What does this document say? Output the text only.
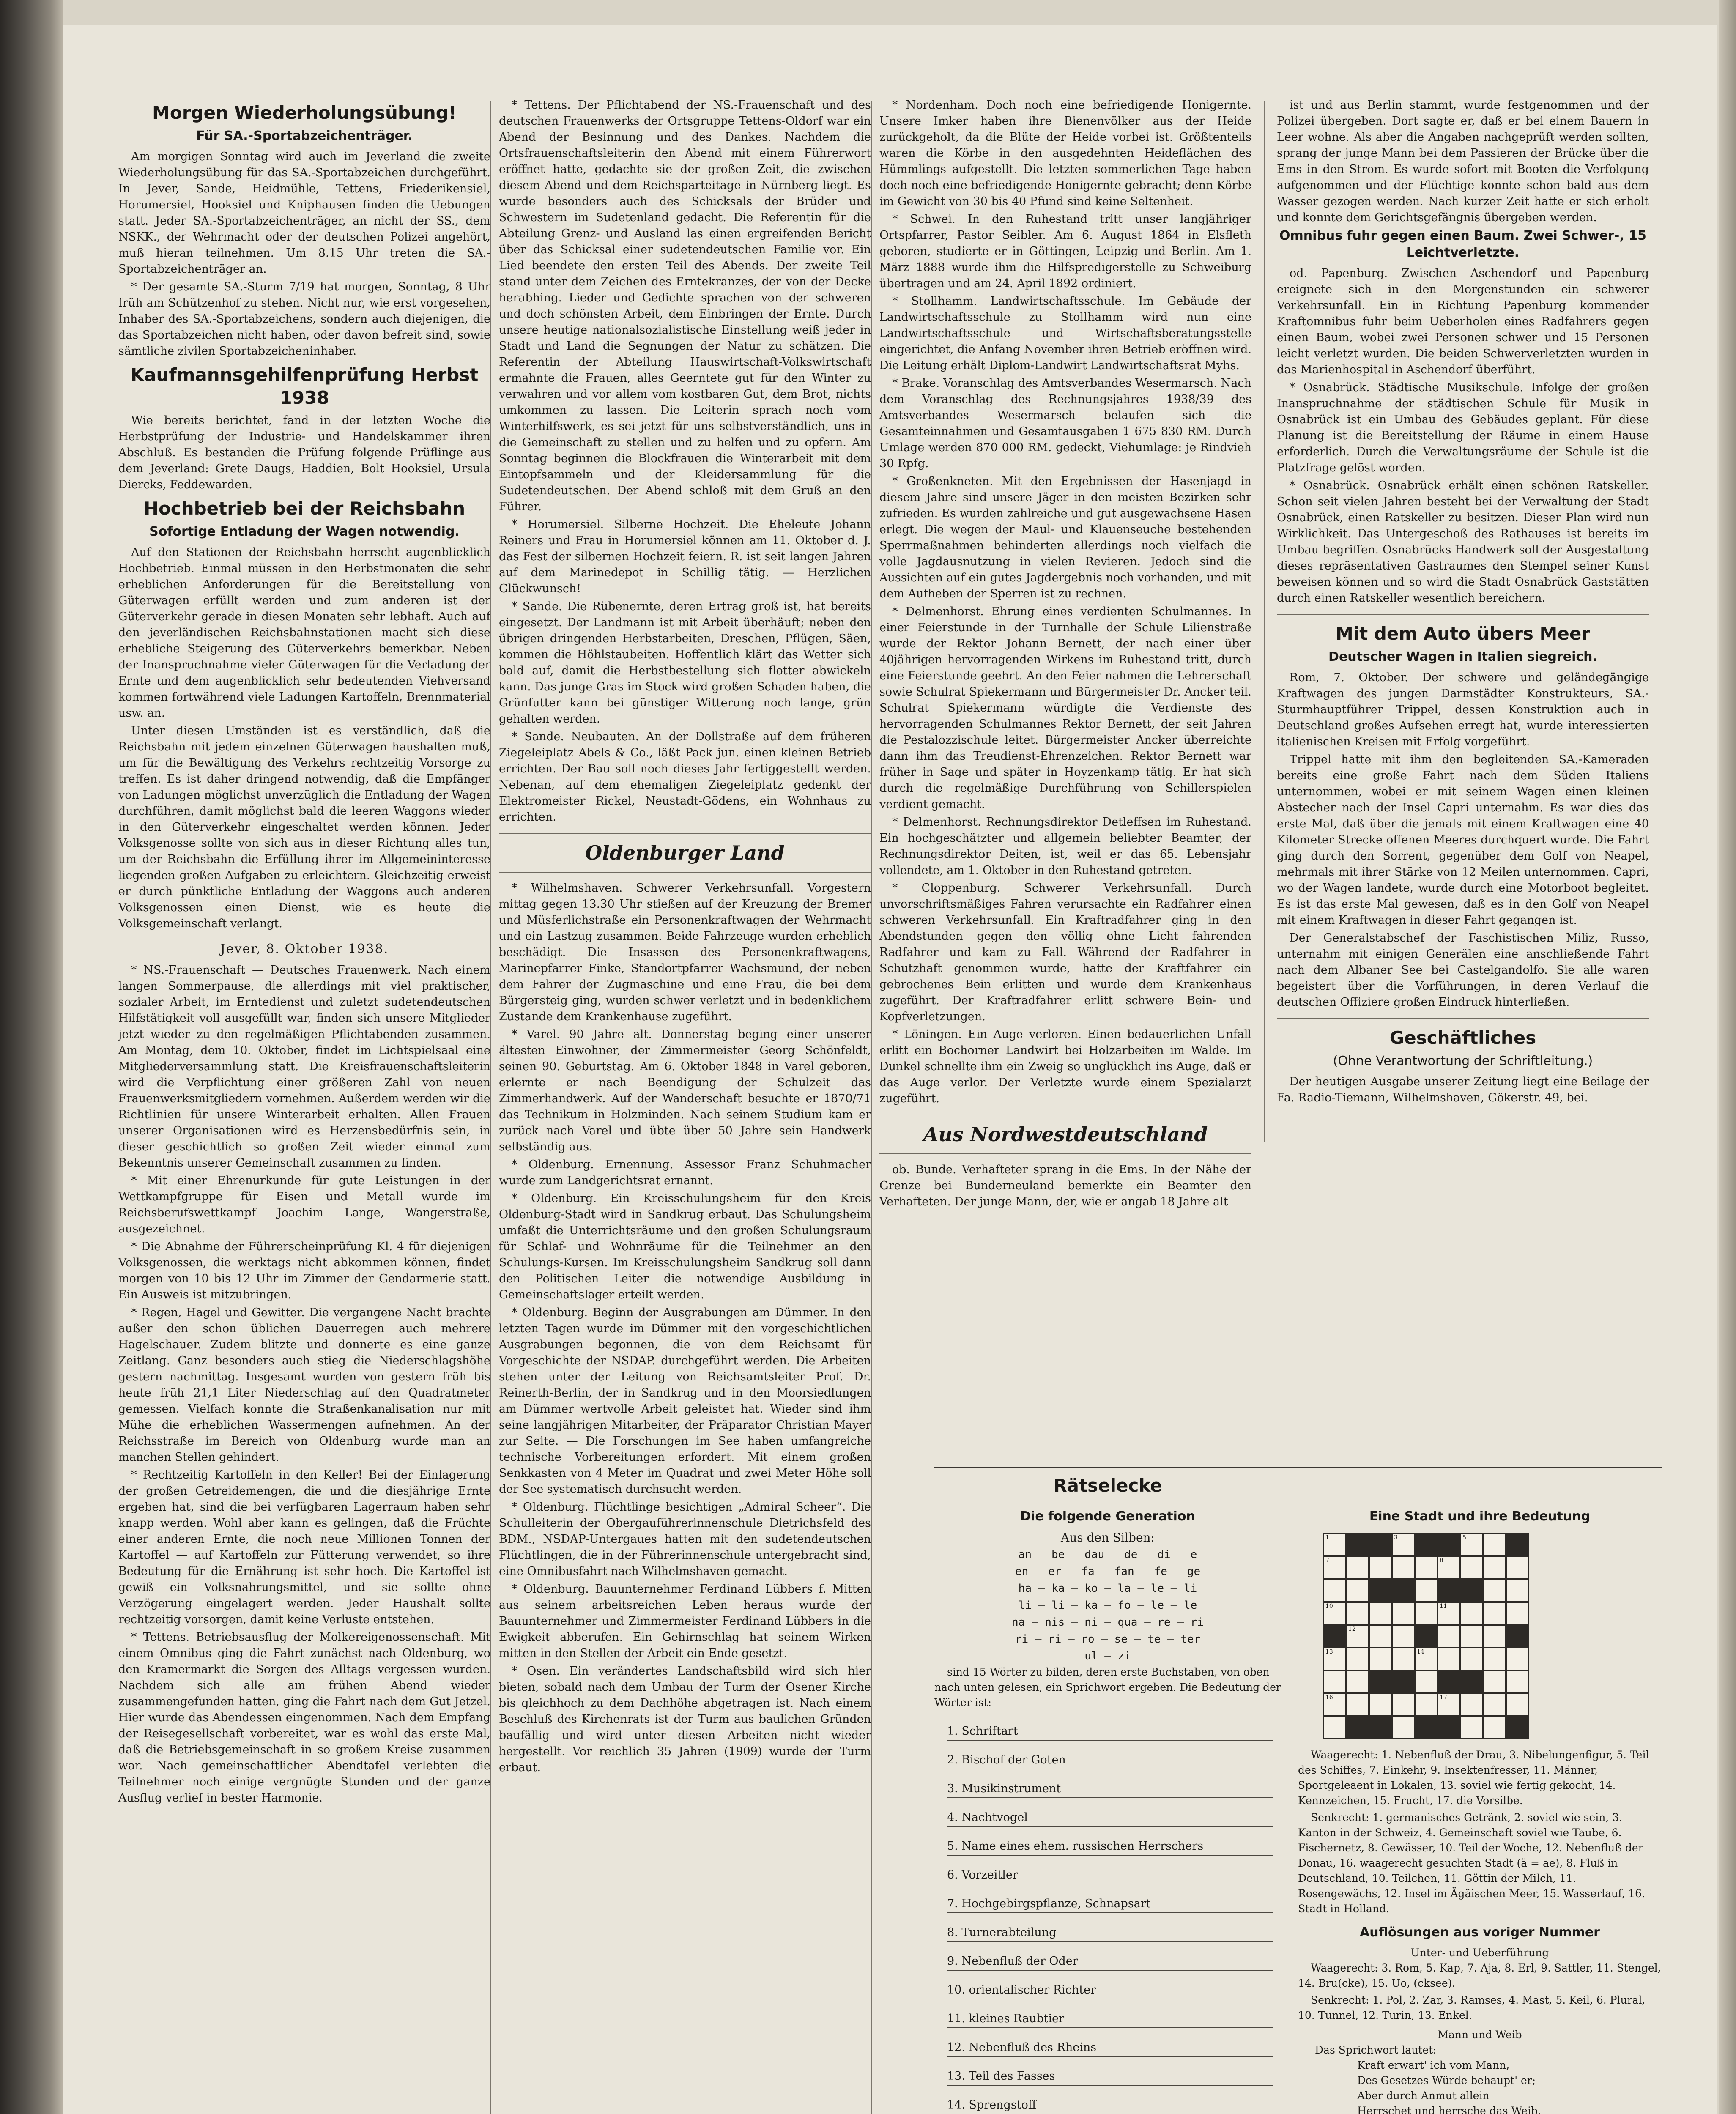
Morgen Wiederholungsübung!
Für SA.-Sportabzeichenträger.

Am morgigen Sonntag wird auch im Jeverland die zweite Wiederholungsübung für das SA.-Sportabzeichen durchgeführt. In Jever, Sande, Heidmühle, Tettens, Friederikensiel, Horumersiel, Hooksiel und Kniphausen finden die Uebungen statt. Jeder SA.-Sportabzeichenträger, an nicht der SS., dem NSKK., der Wehrmacht oder der deutschen Polizei angehört, muß hieran teilnehmen. Um 8.15 Uhr treten die SA.-Sportabzeichenträger an.

* Der gesamte SA.-Sturm 7/19 hat morgen, Sonntag, 8 Uhr früh am Schützenhof zu stehen. Nicht nur, wie erst vorgesehen, Inhaber des SA.-Sportabzeichens, sondern auch diejenigen, die das Sportabzeichen nicht haben, oder davon befreit sind, sowie sämtliche zivilen Sportabzeicheninhaber.

Kaufmannsgehilfenprüfung Herbst 1938

Wie bereits berichtet, fand in der letzten Woche die Herbstprüfung der Industrie- und Handelskammer ihren Abschluß. Es bestanden die Prüfung folgende Prüflinge aus dem Jeverland: Grete Daugs, Haddien, Bolt Hooksiel, Ursula Diercks, Feddewarden.

Hochbetrieb bei der Reichsbahn
Sofortige Entladung der Wagen notwendig.

Auf den Stationen der Reichsbahn herrscht augenblicklich Hochbetrieb. Einmal müssen in den Herbstmonaten die sehr erheblichen Anforderungen für die Bereitstellung von Güterwagen erfüllt werden und zum anderen ist der Güterverkehr gerade in diesen Monaten sehr lebhaft. Auch auf den jeverländischen Reichsbahnstationen macht sich diese erhebliche Steigerung des Güterverkehrs bemerkbar. Neben der Inanspruchnahme vieler Güterwagen für die Verladung der Ernte und dem augenblicklich sehr bedeutenden Viehversand kommen fortwährend viele Ladungen Kartoffeln, Brennmaterial usw. an.

Unter diesen Umständen ist es verständlich, daß die Reichsbahn mit jedem einzelnen Güterwagen haushalten muß, um für die Bewältigung des Verkehrs rechtzeitig Vorsorge zu treffen. Es ist daher dringend notwendig, daß die Empfänger von Ladungen möglichst unverzüglich die Entladung der Wagen durchführen, damit möglichst bald die leeren Waggons wieder in den Güterverkehr eingeschaltet werden können. Jeder Volksgenosse sollte von sich aus in dieser Richtung alles tun, um der Reichsbahn die Erfüllung ihrer im Allgemeininteresse liegenden großen Aufgaben zu erleichtern. Gleichzeitig erweist er durch pünktliche Entladung der Waggons auch anderen Volksgenossen einen Dienst, wie es heute die Volksgemeinschaft verlangt.

Jever, 8. Oktober 1938.

* NS.-Frauenschaft — Deutsches Frauenwerk. Nach einem langen Sommerpause, die allerdings mit viel praktischer, sozialer Arbeit, im Erntedienst und zuletzt sudetendeutschen Hilfstätigkeit voll ausgefüllt war, finden sich unsere Mitglieder jetzt wieder zu den regelmäßigen Pflichtabenden zusammen. Am Montag, dem 10. Oktober, findet im Lichtspielsaal eine Mitgliederversammlung statt. Die Kreisfrauenschaftsleiterin wird die Verpflichtung einer größeren Zahl von neuen Frauenwerksmitgliedern vornehmen. Außerdem werden wir die Richtlinien für unsere Winterarbeit erhalten. Allen Frauen unserer Organisationen wird es Herzensbedürfnis sein, in dieser geschichtlich so großen Zeit wieder einmal zum Bekenntnis unserer Gemeinschaft zusammen zu finden.

* Mit einer Ehrenurkunde für gute Leistungen in der Wettkampfgruppe für Eisen und Metall wurde im Reichsberufswettkampf Joachim Lange, Wangerstraße, ausgezeichnet.

* Die Abnahme der Führerscheinprüfung Kl. 4 für diejenigen Volksgenossen, die werktags nicht abkommen können, findet morgen von 10 bis 12 Uhr im Zimmer der Gendarmerie statt. Ein Ausweis ist mitzubringen.

* Regen, Hagel und Gewitter. Die vergangene Nacht brachte außer den schon üblichen Dauerregen auch mehrere Hagelschauer. Zudem blitzte und donnerte es eine ganze Zeitlang. Ganz besonders auch stieg die Niederschlagshöhe gestern nachmittag. Insgesamt wurden von gestern früh bis heute früh 21,1 Liter Niederschlag auf den Quadratmeter gemessen. Vielfach konnte die Straßenkanalisation nur mit Mühe die erheblichen Wassermengen aufnehmen. An der Reichsstraße im Bereich von Oldenburg wurde man an manchen Stellen gehindert.

* Rechtzeitig Kartoffeln in den Keller! Bei der Einlagerung der großen Getreidemengen, die und die diesjährige Ernte ergeben hat, sind die bei verfügbaren Lagerraum haben sehr knapp werden. Wohl aber kann es gelingen, daß die Früchte einer anderen Ernte, die noch neue Millionen Tonnen der Kartoffel — auf Kartoffeln zur Fütterung verwendet, so ihre Bedeutung für die Ernährung ist sehr hoch. Die Kartoffel ist gewiß ein Volksnahrungsmittel, und sie sollte ohne Verzögerung eingelagert werden. Jeder Haushalt sollte rechtzeitig vorsorgen, damit keine Verluste entstehen.

* Tettens. Betriebsausflug der Molkereigenossenschaft. Mit einem Omnibus ging die Fahrt zunächst nach Oldenburg, wo den Kramermarkt die Sorgen des Alltags vergessen wurden. Nachdem sich alle am frühen Abend wieder zusammengefunden hatten, ging die Fahrt nach dem Gut Jetzel. Hier wurde das Abendessen eingenommen. Nach dem Empfang der Reisegesellschaft vorbereitet, war es wohl das erste Mal, daß die Betriebsgemeinschaft in so großem Kreise zusammen war. Nach gemeinschaftlicher Abendtafel verlebten die Teilnehmer noch einige vergnügte Stunden und der ganze Ausflug verlief in bester Harmonie.

* Tettens. Der Pflichtabend der NS.-Frauenschaft und des deutschen Frauenwerks der Ortsgruppe Tettens-Oldorf war ein Abend der Besinnung und des Dankes. Nachdem die Ortsfrauenschaftsleiterin den Abend mit einem Führerwort eröffnet hatte, gedachte sie der großen Zeit, die zwischen diesem Abend und dem Reichsparteitage in Nürnberg liegt. Es wurde besonders auch des Schicksals der Brüder und Schwestern im Sudetenland gedacht. Die Referentin für die Abteilung Grenz- und Ausland las einen ergreifenden Bericht über das Schicksal einer sudetendeutschen Familie vor. Ein Lied beendete den ersten Teil des Abends. Der zweite Teil stand unter dem Zeichen des Erntekranzes, der von der Decke herabhing. Lieder und Gedichte sprachen von der schweren und doch schönsten Arbeit, dem Einbringen der Ernte. Durch unsere heutige nationalsozialistische Einstellung weiß jeder in Stadt und Land die Segnungen der Natur zu schätzen. Die Referentin der Abteilung Hauswirtschaft-Volkswirtschaft ermahnte die Frauen, alles Geerntete gut für den Winter zu verwahren und vor allem vom kostbaren Gut, dem Brot, nichts umkommen zu lassen. Die Leiterin sprach noch vom Winterhilfswerk, es sei jetzt für uns selbstverständlich, uns in die Gemeinschaft zu stellen und zu helfen und zu opfern. Am Sonntag beginnen die Blockfrauen die Winterarbeit mit dem Eintopfsammeln und der Kleidersammlung für die Sudetendeutschen. Der Abend schloß mit dem Gruß an den Führer.

* Horumersiel. Silberne Hochzeit. Die Eheleute Johann Reiners und Frau in Horumersiel können am 11. Oktober d. J. das Fest der silbernen Hochzeit feiern. R. ist seit langen Jahren auf dem Marinedepot in Schillig tätig. — Herzlichen Glückwunsch!

* Sande. Die Rübenernte, deren Ertrag groß ist, hat bereits eingesetzt. Der Landmann ist mit Arbeit überhäuft; neben den übrigen dringenden Herbstarbeiten, Dreschen, Pflügen, Säen, kommen die Höhlstaubeiten. Hoffentlich klärt das Wetter sich bald auf, damit die Herbstbestellung sich flotter abwickeln kann. Das junge Gras im Stock wird großen Schaden haben, die Grünfutter kann bei günstiger Witterung noch lange, grün gehalten werden.

* Sande. Neubauten. An der Dollstraße auf dem früheren Ziegeleiplatz Abels & Co., läßt Pack jun. einen kleinen Betrieb errichten. Der Bau soll noch dieses Jahr fertiggestellt werden. Nebenan, auf dem ehemaligen Ziegeleiplatz gedenkt der Elektromeister Rickel, Neustadt-Gödens, ein Wohnhaus zu errichten.

Oldenburger Land

* Wilhelmshaven. Schwerer Verkehrsunfall. Vorgestern mittag gegen 13.30 Uhr stießen auf der Kreuzung der Bremer und Müsferlichstraße ein Personenkraftwagen der Wehrmacht und ein Lastzug zusammen. Beide Fahrzeuge wurden erheblich beschädigt. Die Insassen des Personenkraftwagens, Marinepfarrer Finke, Standortpfarrer Wachsmund, der neben dem Fahrer der Zugmaschine und eine Frau, die bei dem Bürgersteig ging, wurden schwer verletzt und in bedenklichem Zustande dem Krankenhause zugeführt.

* Varel. 90 Jahre alt. Donnerstag beging einer unserer ältesten Einwohner, der Zimmermeister Georg Schönfeldt, seinen 90. Geburtstag. Am 6. Oktober 1848 in Varel geboren, erlernte er nach Beendigung der Schulzeit das Zimmerhandwerk. Auf der Wanderschaft besuchte er 1870/71 das Technikum in Holzminden. Nach seinem Studium kam er zurück nach Varel und übte über 50 Jahre sein Handwerk selbständig aus.

* Oldenburg. Ernennung. Assessor Franz Schuhmacher wurde zum Landgerichtsrat ernannt.

* Oldenburg. Ein Kreisschulungsheim für den Kreis Oldenburg-Stadt wird in Sandkrug erbaut. Das Schulungsheim umfaßt die Unterrichtsräume und den großen Schulungsraum für Schlaf- und Wohnräume für die Teilnehmer an den Schulungs-Kursen. Im Kreisschulungsheim Sandkrug soll dann den Politischen Leiter die notwendige Ausbildung in Gemeinschaftslager erteilt werden.

* Oldenburg. Beginn der Ausgrabungen am Dümmer. In den letzten Tagen wurde im Dümmer mit den vorgeschichtlichen Ausgrabungen begonnen, die von dem Reichsamt für Vorgeschichte der NSDAP. durchgeführt werden. Die Arbeiten stehen unter der Leitung von Reichsamtsleiter Prof. Dr. Reinerth-Berlin, der in Sandkrug und in den Moorsiedlungen am Dümmer wertvolle Arbeit geleistet hat. Wieder sind ihm seine langjährigen Mitarbeiter, der Präparator Christian Mayer zur Seite. — Die Forschungen im See haben umfangreiche technische Vorbereitungen erfordert. Mit einem großen Senkkasten von 4 Meter im Quadrat und zwei Meter Höhe soll der See systematisch durchsucht werden.

* Oldenburg. Flüchtlinge besichtigen „Admiral Scheer“. Die Schulleiterin der Obergauführerinnenschule Dietrichsfeld des BDM., NSDAP-Untergaues hatten mit den sudetendeutschen Flüchtlingen, die in der Führerinnenschule untergebracht sind, eine Omnibusfahrt nach Wilhelmshaven gemacht.

* Oldenburg. Bauunternehmer Ferdinand Lübbers f. Mitten aus seinem arbeitsreichen Leben heraus wurde der Bauunternehmer und Zimmermeister Ferdinand Lübbers in die Ewigkeit abberufen. Ein Gehirnschlag hat seinem Wirken mitten in den Stellen der Arbeit ein Ende gesetzt.

* Osen. Ein verändertes Landschaftsbild wird sich hier bieten, sobald nach dem Umbau der Turm der Osener Kirche bis gleichhoch zu dem Dachhöhe abgetragen ist. Nach einem Beschluß des Kirchenrats ist der Turm aus baulichen Gründen baufällig und wird unter diesen Arbeiten nicht wieder hergestellt. Vor reichlich 35 Jahren (1909) wurde der Turm erbaut.

* Nordenham. Doch noch eine befriedigende Honigernte. Unsere Imker haben ihre Bienenvölker aus der Heide zurückgeholt, da die Blüte der Heide vorbei ist. Größtenteils waren die Körbe in den ausgedehnten Heideflächen des Hümmlings aufgestellt. Die letzten sommerlichen Tage haben doch noch eine befriedigende Honigernte gebracht; denn Körbe im Gewicht von 30 bis 40 Pfund sind keine Seltenheit.

* Schwei. In den Ruhestand tritt unser langjähriger Ortspfarrer, Pastor Seibler. Am 6. August 1864 in Elsfleth geboren, studierte er in Göttingen, Leipzig und Berlin. Am 1. März 1888 wurde ihm die Hilfspredigerstelle zu Schweiburg übertragen und am 24. April 1892 ordiniert.

* Stollhamm. Landwirtschaftsschule. Im Gebäude der Landwirtschaftsschule zu Stollhamm wird nun eine Landwirtschaftsschule und Wirtschaftsberatungsstelle eingerichtet, die Anfang November ihren Betrieb eröffnen wird. Die Leitung erhält Diplom-Landwirt Landwirtschaftsrat Myhs.

* Brake. Voranschlag des Amtsverbandes Wesermarsch. Nach dem Voranschlag des Rechnungsjahres 1938/39 des Amtsverbandes Wesermarsch belaufen sich die Gesamteinnahmen und Gesamtausgaben 1 675 830 RM. Durch Umlage werden 870 000 RM. gedeckt, Viehumlage: je Rindvieh 30 Rpfg.

* Großenkneten. Mit den Ergebnissen der Hasenjagd in diesem Jahre sind unsere Jäger in den meisten Bezirken sehr zufrieden. Es wurden zahlreiche und gut ausgewachsene Hasen erlegt. Die wegen der Maul- und Klauenseuche bestehenden Sperrmaßnahmen behinderten allerdings noch vielfach die volle Jagdausnutzung in vielen Revieren. Jedoch sind die Aussichten auf ein gutes Jagdergebnis noch vorhanden, und mit dem Aufheben der Sperren ist zu rechnen.

* Delmenhorst. Ehrung eines verdienten Schulmannes. In einer Feierstunde in der Turnhalle der Schule Lilienstraße wurde der Rektor Johann Bernett, der nach einer über 40jährigen hervorragenden Wirkens im Ruhestand tritt, durch eine Feierstunde geehrt. An den Feier nahmen die Lehrerschaft sowie Schulrat Spiekermann und Bürgermeister Dr. Ancker teil. Schulrat Spiekermann würdigte die Verdienste des hervorragenden Schulmannes Rektor Bernett, der seit Jahren die Pestalozzischule leitet. Bürgermeister Ancker überreichte dann ihm das Treudienst-Ehrenzeichen. Rektor Bernett war früher in Sage und später in Hoyzenkamp tätig. Er hat sich durch die regelmäßige Durchführung von Schillerspielen verdient gemacht.

* Delmenhorst. Rechnungsdirektor Detleffsen im Ruhestand. Ein hochgeschätzter und allgemein beliebter Beamter, der Rechnungsdirektor Deiten, ist, weil er das 65. Lebensjahr vollendete, am 1. Oktober in den Ruhestand getreten.

* Cloppenburg. Schwerer Verkehrsunfall. Durch unvorschriftsmäßiges Fahren verursachte ein Radfahrer einen schweren Verkehrsunfall. Ein Kraftradfahrer ging in den Abendstunden gegen den völlig ohne Licht fahrenden Radfahrer und kam zu Fall. Während der Radfahrer in Schutzhaft genommen wurde, hatte der Kraftfahrer ein gebrochenes Bein erlitten und wurde dem Krankenhaus zugeführt. Der Kraftradfahrer erlitt schwere Bein- und Kopfverletzungen.

* Löningen. Ein Auge verloren. Einen bedauerlichen Unfall erlitt ein Bochorner Landwirt bei Holzarbeiten im Walde. Im Dunkel schnellte ihm ein Zweig so unglücklich ins Auge, daß er das Auge verlor. Der Verletzte wurde einem Spezialarzt zugeführt.

Aus Nordwestdeutschland

ob. Bunde. Verhafteter sprang in die Ems. In der Nähe der Grenze bei Bunderneuland bemerkte ein Beamter den Verhafteten. Der junge Mann, der, wie er angab 18 Jahre alt

ist und aus Berlin stammt, wurde festgenommen und der Polizei übergeben. Dort sagte er, daß er bei einem Bauern in Leer wohne. Als aber die Angaben nachgeprüft werden sollten, sprang der junge Mann bei dem Passieren der Brücke über die Ems in den Strom. Es wurde sofort mit Booten die Verfolgung aufgenommen und der Flüchtige konnte schon bald aus dem Wasser gezogen werden. Nach kurzer Zeit hatte er sich erholt und konnte dem Gerichtsgefängnis übergeben werden.

Omnibus fuhr gegen einen Baum. Zwei Schwer-, 15 Leichtverletzte.

od. Papenburg. Zwischen Aschendorf und Papenburg ereignete sich in den Morgenstunden ein schwerer Verkehrsunfall. Ein in Richtung Papenburg kommender Kraftomnibus fuhr beim Ueberholen eines Radfahrers gegen einen Baum, wobei zwei Personen schwer und 15 Personen leicht verletzt wurden. Die beiden Schwerverletzten wurden in das Marienhospital in Aschendorf überführt.

* Osnabrück. Städtische Musikschule. Infolge der großen Inanspruchnahme der städtischen Schule für Musik in Osnabrück ist ein Umbau des Gebäudes geplant. Für diese Planung ist die Bereitstellung der Räume in einem Hause erforderlich. Durch die Verwaltungsräume der Schule ist die Platzfrage gelöst worden.

* Osnabrück. Osnabrück erhält einen schönen Ratskeller. Schon seit vielen Jahren besteht bei der Verwaltung der Stadt Osnabrück, einen Ratskeller zu besitzen. Dieser Plan wird nun Wirklichkeit. Das Untergeschoß des Rathauses ist bereits im Umbau begriffen. Osnabrücks Handwerk soll der Ausgestaltung dieses repräsentativen Gastraumes den Stempel seiner Kunst beweisen können und so wird die Stadt Osnabrück Gaststätten durch einen Ratskeller wesentlich bereichern.

Mit dem Auto übers Meer
Deutscher Wagen in Italien siegreich.

Rom, 7. Oktober. Der schwere und geländegängige Kraftwagen des jungen Darmstädter Konstrukteurs, SA.-Sturmhauptführer Trippel, dessen Konstruktion auch in Deutschland großes Aufsehen erregt hat, wurde interessierten italienischen Kreisen mit Erfolg vorgeführt.

Trippel hatte mit ihm den begleitenden SA.-Kameraden bereits eine große Fahrt nach dem Süden Italiens unternommen, wobei er mit seinem Wagen einen kleinen Abstecher nach der Insel Capri unternahm. Es war dies das erste Mal, daß über die jemals mit einem Kraftwagen eine 40 Kilometer Strecke offenen Meeres durchquert wurde. Die Fahrt ging durch den Sorrent, gegenüber dem Golf von Neapel, mehrmals mit ihrer Stärke von 12 Meilen unternommen. Capri, wo der Wagen landete, wurde durch eine Motorboot begleitet. Es ist das erste Mal gewesen, daß es in den Golf von Neapel mit einem Kraftwagen in dieser Fahrt gegangen ist.

Der Generalstabschef der Faschistischen Miliz, Russo, unternahm mit einigen Generälen eine anschließende Fahrt nach dem Albaner See bei Castelgandolfo. Sie alle waren begeistert über die Vorführungen, in deren Verlauf die deutschen Offiziere großen Eindruck hinterließen.

Geschäftliches
(Ohne Verantwortung der Schriftleitung.)

Der heutigen Ausgabe unserer Zeitung liegt eine Beilage der Fa. Radio-Tiemann, Wilhelmshaven, Gökerstr. 49, bei.

Rätselecke
Die folgende Generation
Aus den Silben:
an — be — dau — de — di — e
en — er — fa — fan — fe — ge
ha — ka — ko — la — le — li
li — li — ka — fo — le — le
na — nis — ni — qua — re — ri
ri — ri — ro — se — te — ter
ul — zi

sind 15 Wörter zu bilden, deren erste Buchstaben, von oben nach unten gelesen, ein Sprichwort ergeben. Die Bedeutung der Wörter ist:

1. Schriftart
2. Bischof der Goten
3. Musikinstrument
4. Nachtvogel
5. Name eines ehem. russischen Herrschers
6. Vorzeitler
7. Hochgebirgspflanze, Schnapsart
8. Turnerabteilung
9. Nebenfluß der Oder
10. orientalischer Richter
11. kleines Raubtier
12. Nebenfluß des Rheins
13. Teil des Fasses
14. Sprengstoff
Eine Stadt und ihre Bedeutung
1	3	5
7	8
10	11
12
13	14
16	17

Waagerecht: 1. Nebenfluß der Drau, 3. Nibelungenfigur, 5. Teil des Schiffes, 7. Einkehr, 9. Insektenfresser, 11. Männer, Sportgeleaent in Lokalen, 13. soviel wie fertig gekocht, 14. Kennzeichen, 15. Frucht, 17. die Vorsilbe.

Senkrecht: 1. germanisches Getränk, 2. soviel wie sein, 3. Kanton in der Schweiz, 4. Gemeinschaft soviel wie Taube, 6. Fischernetz, 8. Gewässer, 10. Teil der Woche, 12. Nebenfluß der Donau, 16. waagerecht gesuchten Stadt (ä = ae), 8. Fluß in Deutschland, 10. Teilchen, 11. Göttin der Milch, 11. Rosengewächs, 12. Insel im Ägäischen Meer, 15. Wasserlauf, 16. Stadt in Holland.

Auflösungen aus voriger Nummer
Unter- und Ueberführung

Waagerecht: 3. Rom, 5. Kap, 7. Aja, 8. Erl, 9. Sattler, 11. Stengel, 14. Bru(cke), 15. Uo, (cksee).

Senkrecht: 1. Pol, 2. Zar, 3. Ramses, 4. Mast, 5. Keil, 6. Plural, 10. Tunnel, 12. Turin, 13. Enkel.

Mann und Weib
Das Sprichwort lautet:
Kraft erwart' ich vom Mann,
Des Gesetzes Würde behaupt' er;
Aber durch Anmut allein
Herrschet und herrsche das Weib.
